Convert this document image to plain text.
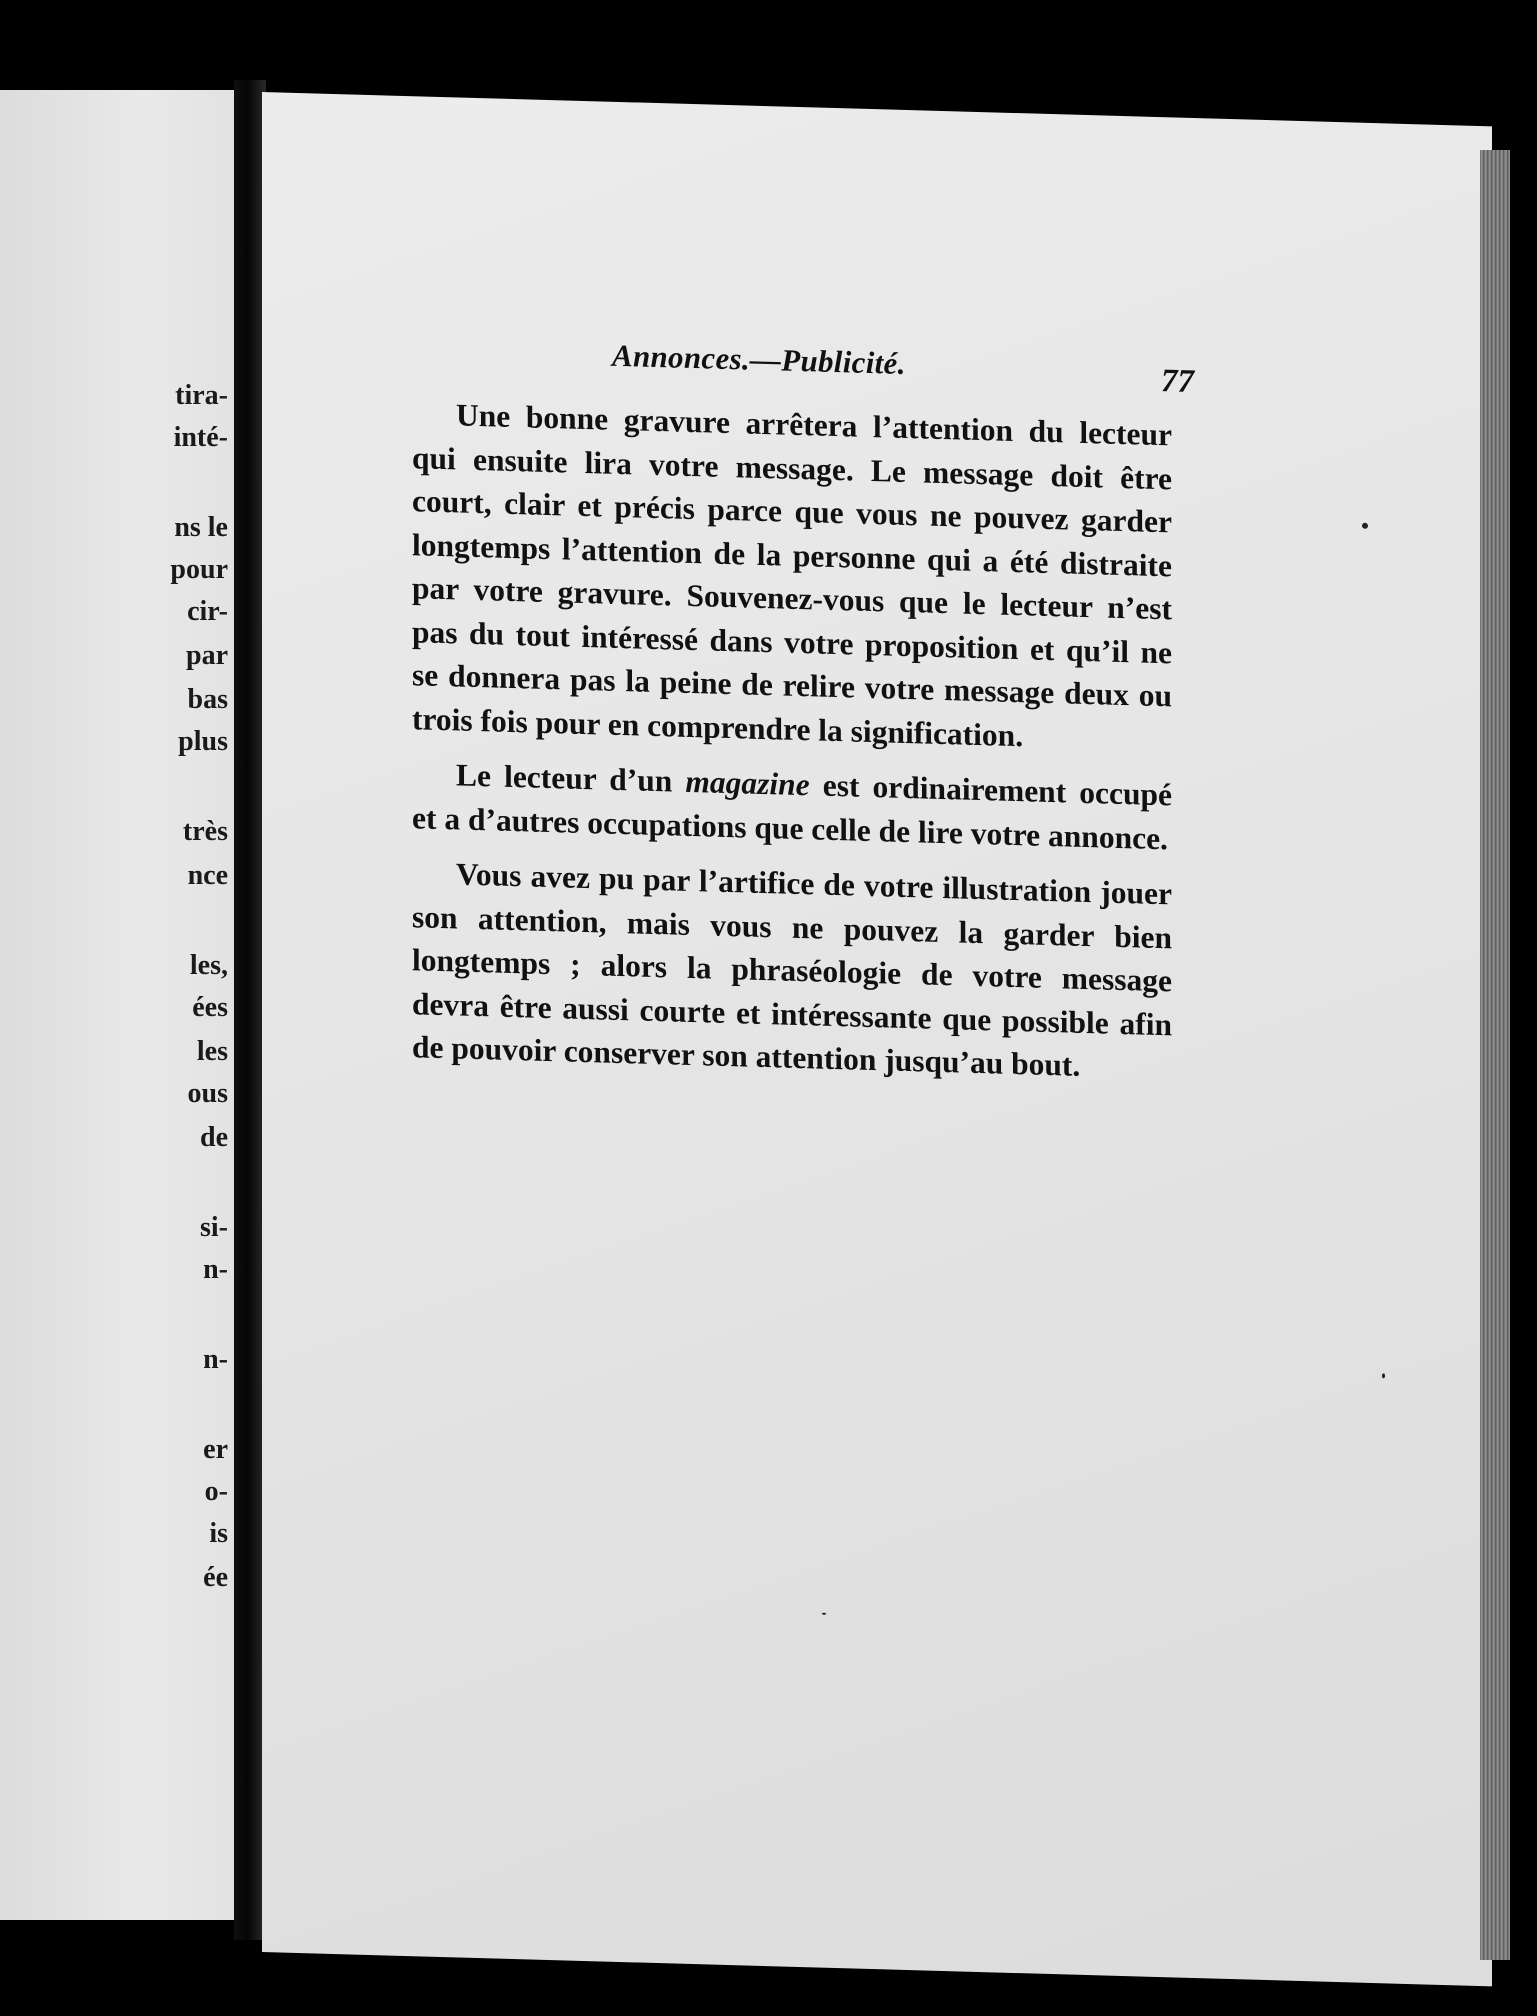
tira-
inté-
ns le
pour
cir-
par
bas
plus
très
nce
les,
ées
les
ous
de
si-
n-
n-
er
o-
is
ée
Annonces.—Publicité.
77

Une bonne gravure arrêtera l’attention du lecteur qui ensuite lira votre message. Le message doit être court, clair et précis parce que vous ne pouvez garder longtemps l’attention de la personne qui a été distraite par votre gravure. Souvenez-vous que le lecteur n’est pas du tout intéressé dans votre proposition et qu’il ne se donnera pas la peine de relire votre message deux ou trois fois pour en comprendre la signification.

Le lecteur d’un magazine est ordinairement occupé et a d’autres occupations que celle de lire votre annonce.

Vous avez pu par l’artifice de votre illustration jouer son attention, mais vous ne pouvez la garder bien longtemps ; alors la phraséologie de votre message devra être aussi courte et intéressante que possible afin de pouvoir conserver son attention jusqu’au bout.
